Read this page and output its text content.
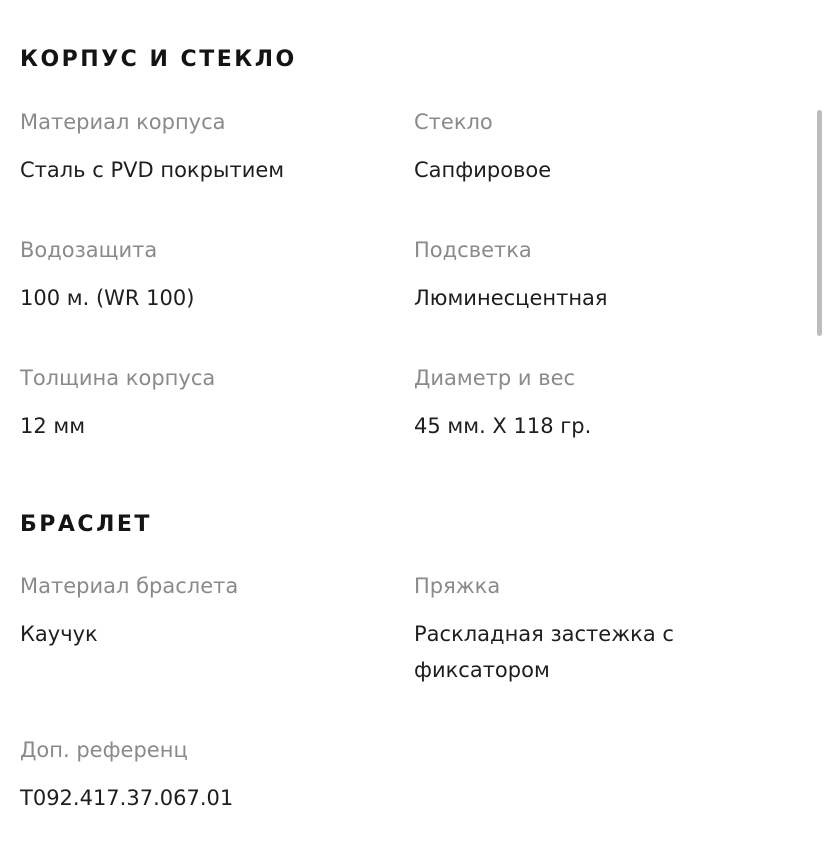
КОРПУС И СТЕКЛО
Материал корпуса
Сталь с PVD покрытием
Стекло
Сапфировое
Водозащита
100 м. (WR 100)
Подсветка
Люминесцентная
Толщина корпуса
12 мм
Диаметр и вес
45 мм. X 118 гр.
БРАСЛЕТ
Материал браслета
Каучук
Пряжка
Раскладная застежка с фиксатором
Доп. референц
T092.417.37.067.01
